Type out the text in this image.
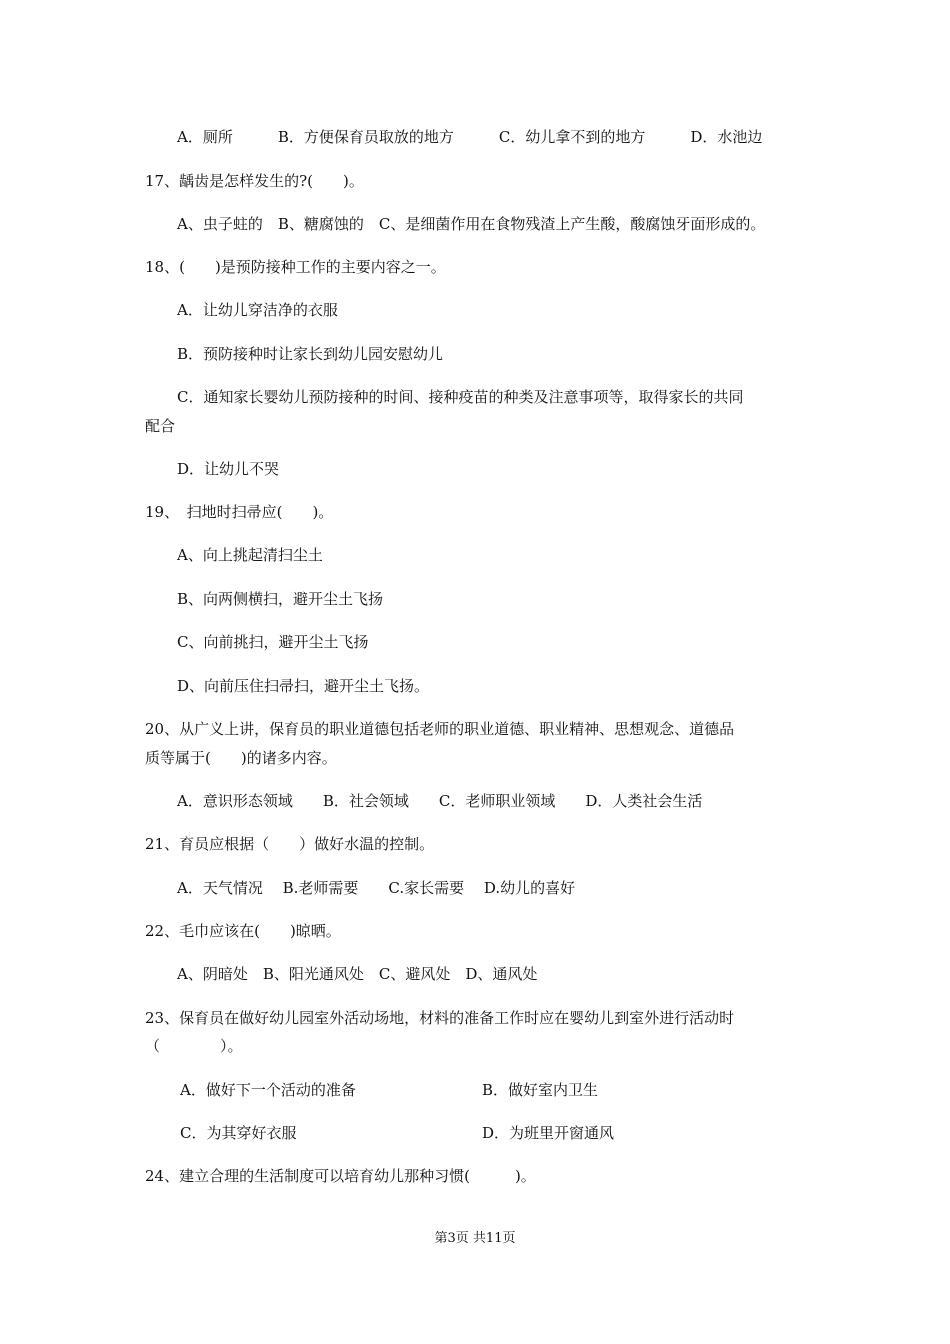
A．厕所　　　B．方便保育员取放的地方　　　C．幼儿拿不到的地方　　　D．水池边
17、龋齿是怎样发生的?(　　)。
A、虫子蛀的　B、糖腐蚀的　C、是细菌作用在食物残渣上产生酸，酸腐蚀牙面形成的。
18、(　　)是预防接种工作的主要内容之一。
A．让幼儿穿洁净的衣服
B．预防接种时让家长到幼儿园安慰幼儿
C．通知家长婴幼儿预防接种的时间、接种疫苗的种类及注意事项等，取得家长的共同
配合
D．让幼儿不哭
19、　扫地时扫帚应(　　)。
A、向上挑起清扫尘土
B、向两侧横扫，避开尘土飞扬
C、向前挑扫，避开尘土飞扬
D、向前压住扫帚扫，避开尘土飞扬。
20、从广义上讲，保育员的职业道德包括老师的职业道德、职业精神、思想观念、道德品
质等属于(　　)的诸多内容。
A．意识形态领域　　B．社会领域　　C．老师职业领域　　D．人类社会生活
21、育员应根据（　　）做好水温的控制。
A．天气情况　 B.老师需要　　C.家长需要　 D.幼儿的喜好
22、毛巾应该在(　　)晾晒。
A、阴暗处　B、阳光通风处　C、避风处　D、通风处
23、保育员在做好幼儿园室外活动场地，材料的准备工作时应在婴幼儿到室外进行活动时
（　　　　）。
A．做好下一个活动的准备	B．做好室内卫生
C．为其穿好衣服	D．为班里开窗通风
24、建立合理的生活制度可以培育幼儿那种习惯(　　　)。
第3页 共11页
